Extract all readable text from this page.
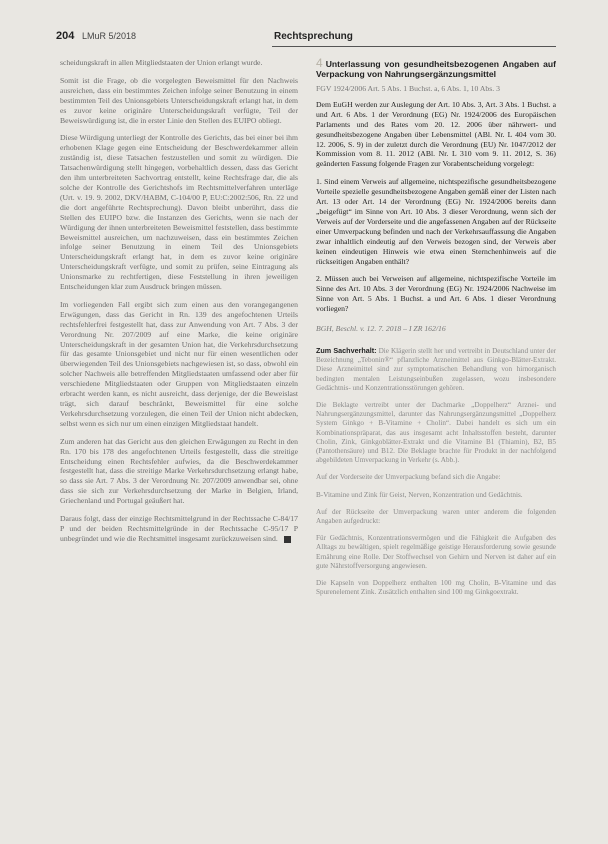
204 LMuR 5/2018	Rechtsprechung

scheidungskraft in allen Mitgliedstaaten der Union erlangt wurde.

Somit ist die Frage, ob die vorgelegten Beweismittel für den Nachweis ausreichen, dass ein bestimmtes Zeichen infolge seiner Benutzung in einem bestimmten Teil des Unionsgebiets Unterscheidungskraft erlangt hat, in dem es zuvor keine originäre Unterscheidungskraft verfügte, Teil der Beweiswürdigung ist, die in erster Linie den Stellen des EUIPO obliegt.

Diese Würdigung unterliegt der Kontrolle des Gerichts, das bei einer bei ihm erhobenen Klage gegen eine Entscheidung der Beschwerdekammer allein zuständig ist, diese Tatsachen festzustellen und somit zu würdigen. Die Tatsachenwürdigung stellt hingegen, vorbehaltlich dessen, dass das Gericht den ihm unterbreiteten Sachvortrag entstellt, keine Rechtsfrage dar, die als solche der Kontrolle des Gerichtshofs im Rechtsmittelverfahren unterläge (Urt. v. 19. 9. 2002, DKV/HABM, C-104/00 P, EU:C:2002:506, Rn. 22 und die dort angeführte Rechtsprechung). Davon bleibt unberührt, dass die Stellen des EUIPO bzw. die Instanzen des Gerichts, wenn sie nach der Würdigung der ihnen unterbreiteten Beweismittel feststellen, dass bestimmte Beweismittel ausreichen, um nachzuweisen, dass ein bestimmtes Zeichen infolge seiner Benutzung in einem Teil des Unionsgebiets Unterscheidungskraft erlangt hat, in dem es zuvor keine originäre Unterscheidungskraft verfügte, und somit zu prüfen, seine Eintragung als Unionsmarke zu rechtfertigen, diese Feststellung in ihren jeweiligen Entscheidungen klar zum Ausdruck bringen müssen.

Im vorliegenden Fall ergibt sich zum einen aus den vorangegangenen Erwägungen, dass das Gericht in Rn. 139 des angefochtenen Urteils rechtsfehlerfrei festgestellt hat, dass zur Anwendung von Art. 7 Abs. 3 der Verordnung Nr. 207/2009 auf eine Marke, die keine originäre Unterscheidungskraft in der gesamten Union hat, die Verkehrsdurchsetzung für das gesamte Unionsgebiet und nicht nur für einen wesentlichen oder überwiegenden Teil des Unionsgebiets nachgewiesen ist, so dass, obwohl ein solcher Nachweis alle betreffenden Mitgliedstaaten umfassend oder aber für verschiedene Mitgliedstaaten oder Gruppen von Mitgliedstaaten einzeln erbracht werden kann, es nicht ausreicht, dass derjenige, der die Beweislast trägt, sich darauf beschränkt, Beweismittel für eine solche Verkehrsdurchsetzung vorzulegen, die einen Teil der Union nicht abdecken, selbst wenn es sich nur um einen einzigen Mitgliedstaat handelt.

Zum anderen hat das Gericht aus den gleichen Erwägungen zu Recht in den Rn. 170 bis 178 des angefochtenen Urteils festgestellt, dass die streitige Entscheidung einen Rechtsfehler aufwies, da die Beschwerdekammer festgestellt hat, dass die streitige Marke Verkehrsdurchsetzung erlangt habe, so dass sie Art. 7 Abs. 3 der Verordnung Nr. 207/2009 anwendbar sei, ohne dass sie sich zur Verkehrsdurchsetzung der Marke in Belgien, Irland, Griechenland und Portugal geäußert hat.

Daraus folgt, dass der einzige Rechtsmittelgrund in der Rechtssache C-84/17 P und der beiden Rechtsmittelgründe in der Rechtssache C-95/17 P unbegründet und wie die Rechtsmittel insgesamt zurückzuweisen sind.

4 Unterlassung von gesundheitsbezogenen Angaben auf Verpackung von Nahrungsergänzungsmittel

FGV 1924/2006 Art. 5 Abs. 1 Buchst. a, 6 Abs. 1, 10 Abs. 3

Dem EuGH werden zur Auslegung der Art. 10 Abs. 3, Art. 3 Abs. 1 Buchst. a und Art. 6 Abs. 1 der Verordnung (EG) Nr. 1924/2006 des Europäischen Parlaments und des Rates vom 20. 12. 2006 über nährwert- und gesundheitsbezogene Angaben über Lebensmittel (ABl. Nr. L 404 vom 30. 12. 2006, S. 9) in der zuletzt durch die Verordnung (EU) Nr. 1047/2012 der Kommission vom 8. 11. 2012 (ABl. Nr. L 310 vom 9. 11. 2012, S. 36) geänderten Fassung folgende Fragen zur Vorabentscheidung vorgelegt:

1. Sind einem Verweis auf allgemeine, nichtspezifische gesundheitsbezogene Vorteile spezielle gesundheitsbezogene Angaben gemäß einer der Listen nach Art. 13 oder Art. 14 der Verordnung (EG) Nr. 1924/2006 bereits dann „beigefügt“ im Sinne von Art. 10 Abs. 3 dieser Verordnung, wenn sich der Verweis auf der Vorderseite und die angefassenen Angaben auf der Rückseite einer Umverpackung befinden und nach der Verkehrsauffassung die Angaben zwar inhaltlich eindeutig auf den Verweis bezogen sind, der Verweis aber keinen eindeutigen Hinweis wie etwa einen Sternchenhinweis auf die rückseitigen Angaben enthält?

2. Müssen auch bei Verweisen auf allgemeine, nichtspezifische Vorteile im Sinne des Art. 10 Abs. 3 der Verordnung (EG) Nr. 1924/2006 Nachweise im Sinne von Art. 5 Abs. 1 Buchst. a und Art. 6 Abs. 1 dieser Verordnung vorliegen?

BGH, Beschl. v. 12. 7. 2018 – I ZR 162/16

Zum Sachverhalt: Die Klägerin stellt her und vertreibt in Deutschland unter der Bezeichnung „Tebonin®“ pflanzliche Arzneimittel aus Ginkgo-Blätter-Extrakt. Diese Arzneimittel sind zur symptomatischen Behandlung von hirnorganisch bedingten mentalen Leistungseinbußen zugelassen, wozu insbesondere Gedächtnis- und Konzentrationsstörungen gehören.

Die Beklagte vertreibt unter der Dachmarke „Doppelherz“ Arznei- und Nahrungsergänzungsmittel, darunter das Nahrungsergänzungsmittel „Doppelherz System Ginkgo + B-Vitamine + Cholin“. Dabei handelt es sich um ein Kombinationspräparat, das aus insgesamt acht Inhaltsstoffen besteht, darunter Cholin, Zink, Ginkgoblätter-Extrakt und die Vitamine B1 (Thiamin), B2, B5 (Pantothensäure) und B12. Die Beklagte brachte für Produkt in der nachfolgend abgebildeten Umverpackung in Verkehr (s. Abb.).

Auf der Vorderseite der Umverpackung befand sich die Angabe:

B-Vitamine und Zink für Geist, Nerven, Konzentration und Gedächtnis.

Auf der Rückseite der Umverpackung waren unter anderem die folgenden Angaben aufgedruckt:

Für Gedächtnis, Konzentrationsvermögen und die Fähigkeit die Aufgaben des Alltags zu bewältigen, spielt regelmäßige geistige Herausforderung sowie gesunde Ernährung eine Rolle. Der Stoffwechsel von Gehirn und Nerven ist daher auf ein gute Nährstoffversorgung angewiesen.

Die Kapseln von Doppelherz enthalten 100 mg Cholin, B-Vitamine und das Spurenelement Zink. Zusätzlich enthalten sind 100 mg Ginkgoextrakt.
